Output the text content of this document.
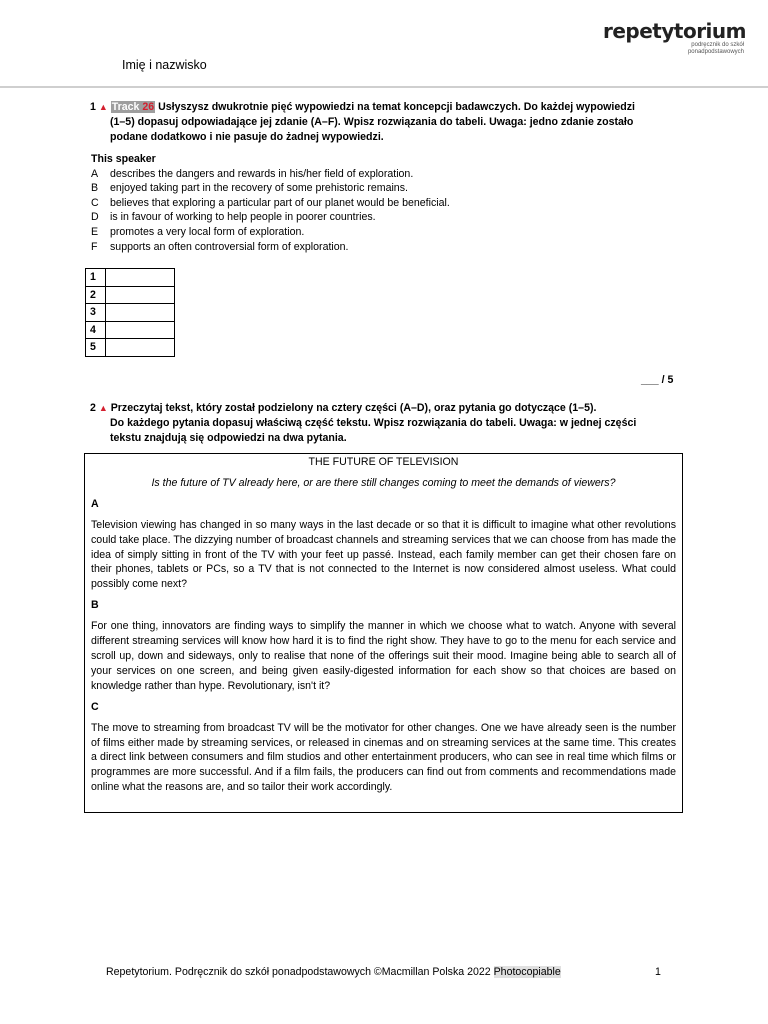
repetytorium
podręcznik do szkół
ponadpodstawowych
Imię i nazwisko
1 ▲ Track 26 Usłyszysz dwukrotnie pięć wypowiedzi na temat koncepcji badawczych. Do każdej wypowiedzi
(1–5) dopasuj odpowiadające jej zdanie (A–F). Wpisz rozwiązania do tabeli. Uwaga: jedno zdanie zostało
podane dodatkowo i nie pasuje do żadnej wypowiedzi.
This speaker
A	describes the dangers and rewards in his/her field of exploration.
B	enjoyed taking part in the recovery of some prehistoric remains.
C	believes that exploring a particular part of our planet would be beneficial.
D	is in favour of working to help people in poorer countries.
E	promotes a very local form of exploration.
F	supports an often controversial form of exploration.
1	
2	
3	
4	
5	
___ / 5
2 ▲ Przeczytaj tekst, który został podzielony na cztery części (A–D), oraz pytania go dotyczące (1–5).
Do każdego pytania dopasuj właściwą część tekstu. Wpisz rozwiązania do tabeli. Uwaga: w jednej części
tekstu znajdują się odpowiedzi na dwa pytania.
THE FUTURE OF TELEVISION
Is the future of TV already here, or are there still changes coming to meet the demands of viewers?
A
Television viewing has changed in so many ways in the last decade or so that it is difficult to imagine what other revolutions could take place. The dizzying number of broadcast channels and streaming services that we can choose from has made the idea of simply sitting in front of the TV with your feet up passé. Instead, each family member can get their chosen fare on their phones, tablets or PCs, so a TV that is not connected to the Internet is now considered almost useless. What could possibly come next?
B
For one thing, innovators are finding ways to simplify the manner in which we choose what to watch. Anyone with several different streaming services will know how hard it is to find the right show. They have to go to the menu for each service and scroll up, down and sideways, only to realise that none of the offerings suit their mood. Imagine being able to search all of your services on one screen, and being given easily-digested information for each show so that choices are based on knowledge rather than hype. Revolutionary, isn't it?
C
The move to streaming from broadcast TV will be the motivator for other changes. One we have already seen is the number of films either made by streaming services, or released in cinemas and on streaming services at the same time. This creates a direct link between consumers and film studios and other entertainment producers, who can see in real time which films or programmes are more successful. And if a film fails, the producers can find out from comments and recommendations made online what the reasons are, and so tailor their work accordingly.
Repetytorium. Podręcznik do szkół ponadpodstawowych ©Macmillan Polska 2022 Photocopiable	1
